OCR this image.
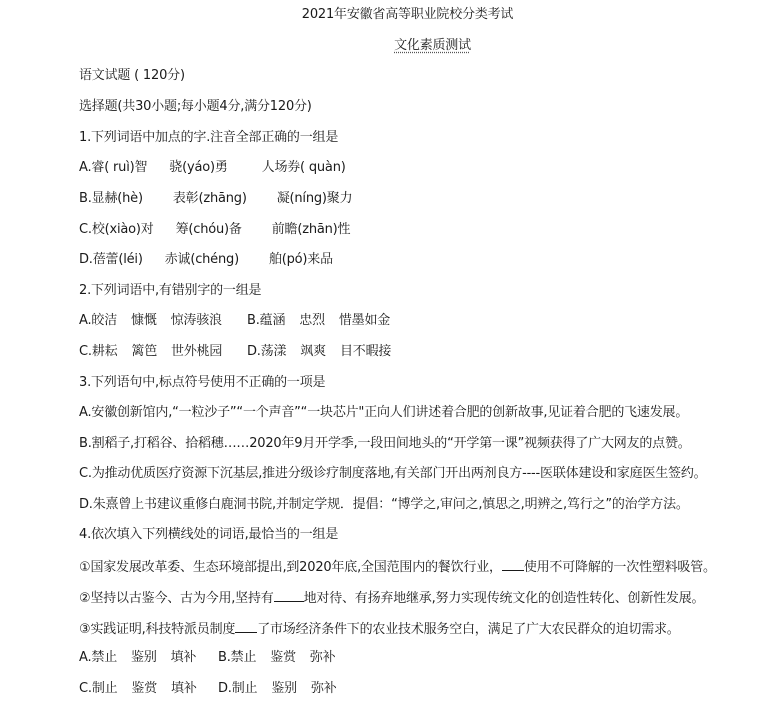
2021年安徽省高等职业院校分类考试
文化素质测试
语文试题 ( 120分)
选择题(共30小题;每小题4分,满分120分)
1.下列词语中加点的字.注音全部正确的一组是
A.睿( ruì)智 骁(yáo)勇	人场券( quàn)
B.显赫(hè) 表彰(zhāng) 凝(níng)聚力
C.校(xiào)对 筹(chóu)备 前瞻(zhān)性
D.蓓蕾(léi) 赤诚(chéng) 舶(pó)来品
2.下列词语中,有错别字的一组是
A.皎洁 慷慨 惊涛骇浪 B.蕴涵 忠烈 惜墨如金
C.耕耘 篱笆 世外桃园 D.荡漾 飒爽 目不暇接
3.下列语句中,标点符号使用不正确的一项是
A.安徽创新馆内,“一粒沙子”“一个声音”“一块芯片"正向人们讲述着合肥的创新故事,见证着合肥的飞速发展。
B.割稻子,打稻谷、拾稻穗……2020年9月开学季,一段田间地头的“开学第一课”视频获得了广大网友的点赞。
C.为推动优质医疗资源下沉基层,推进分级诊疗制度落地,有关部门开出两剂良方----医联体建设和家庭医生签约。
D.朱熹曾上书建议重修白鹿洞书院,并制定学规．提倡：“博学之,审问之,慎思之,明辨之,笃行之”的治学方法。
4.依次填入下列横线处的词语,最恰当的一组是
①国家发展改革委、生态环境部提出,到2020年底,全国范围内的餐饮行业， 使用不可降解的一次性塑料吸管。
②坚持以古鉴今、古为今用,坚持有 地对待、有扬弃地继承,努力实现传统文化的创造性转化、创新性发展。
③实践证明,科技特派员制度 了市场经济条件下的农业技术服务空白，满足了广大农民群众的迫切需求。
A.禁止 鉴别 填补 B.禁止 鉴赏 弥补
C.制止 鉴赏 填补 D.制止 鉴别 弥补
